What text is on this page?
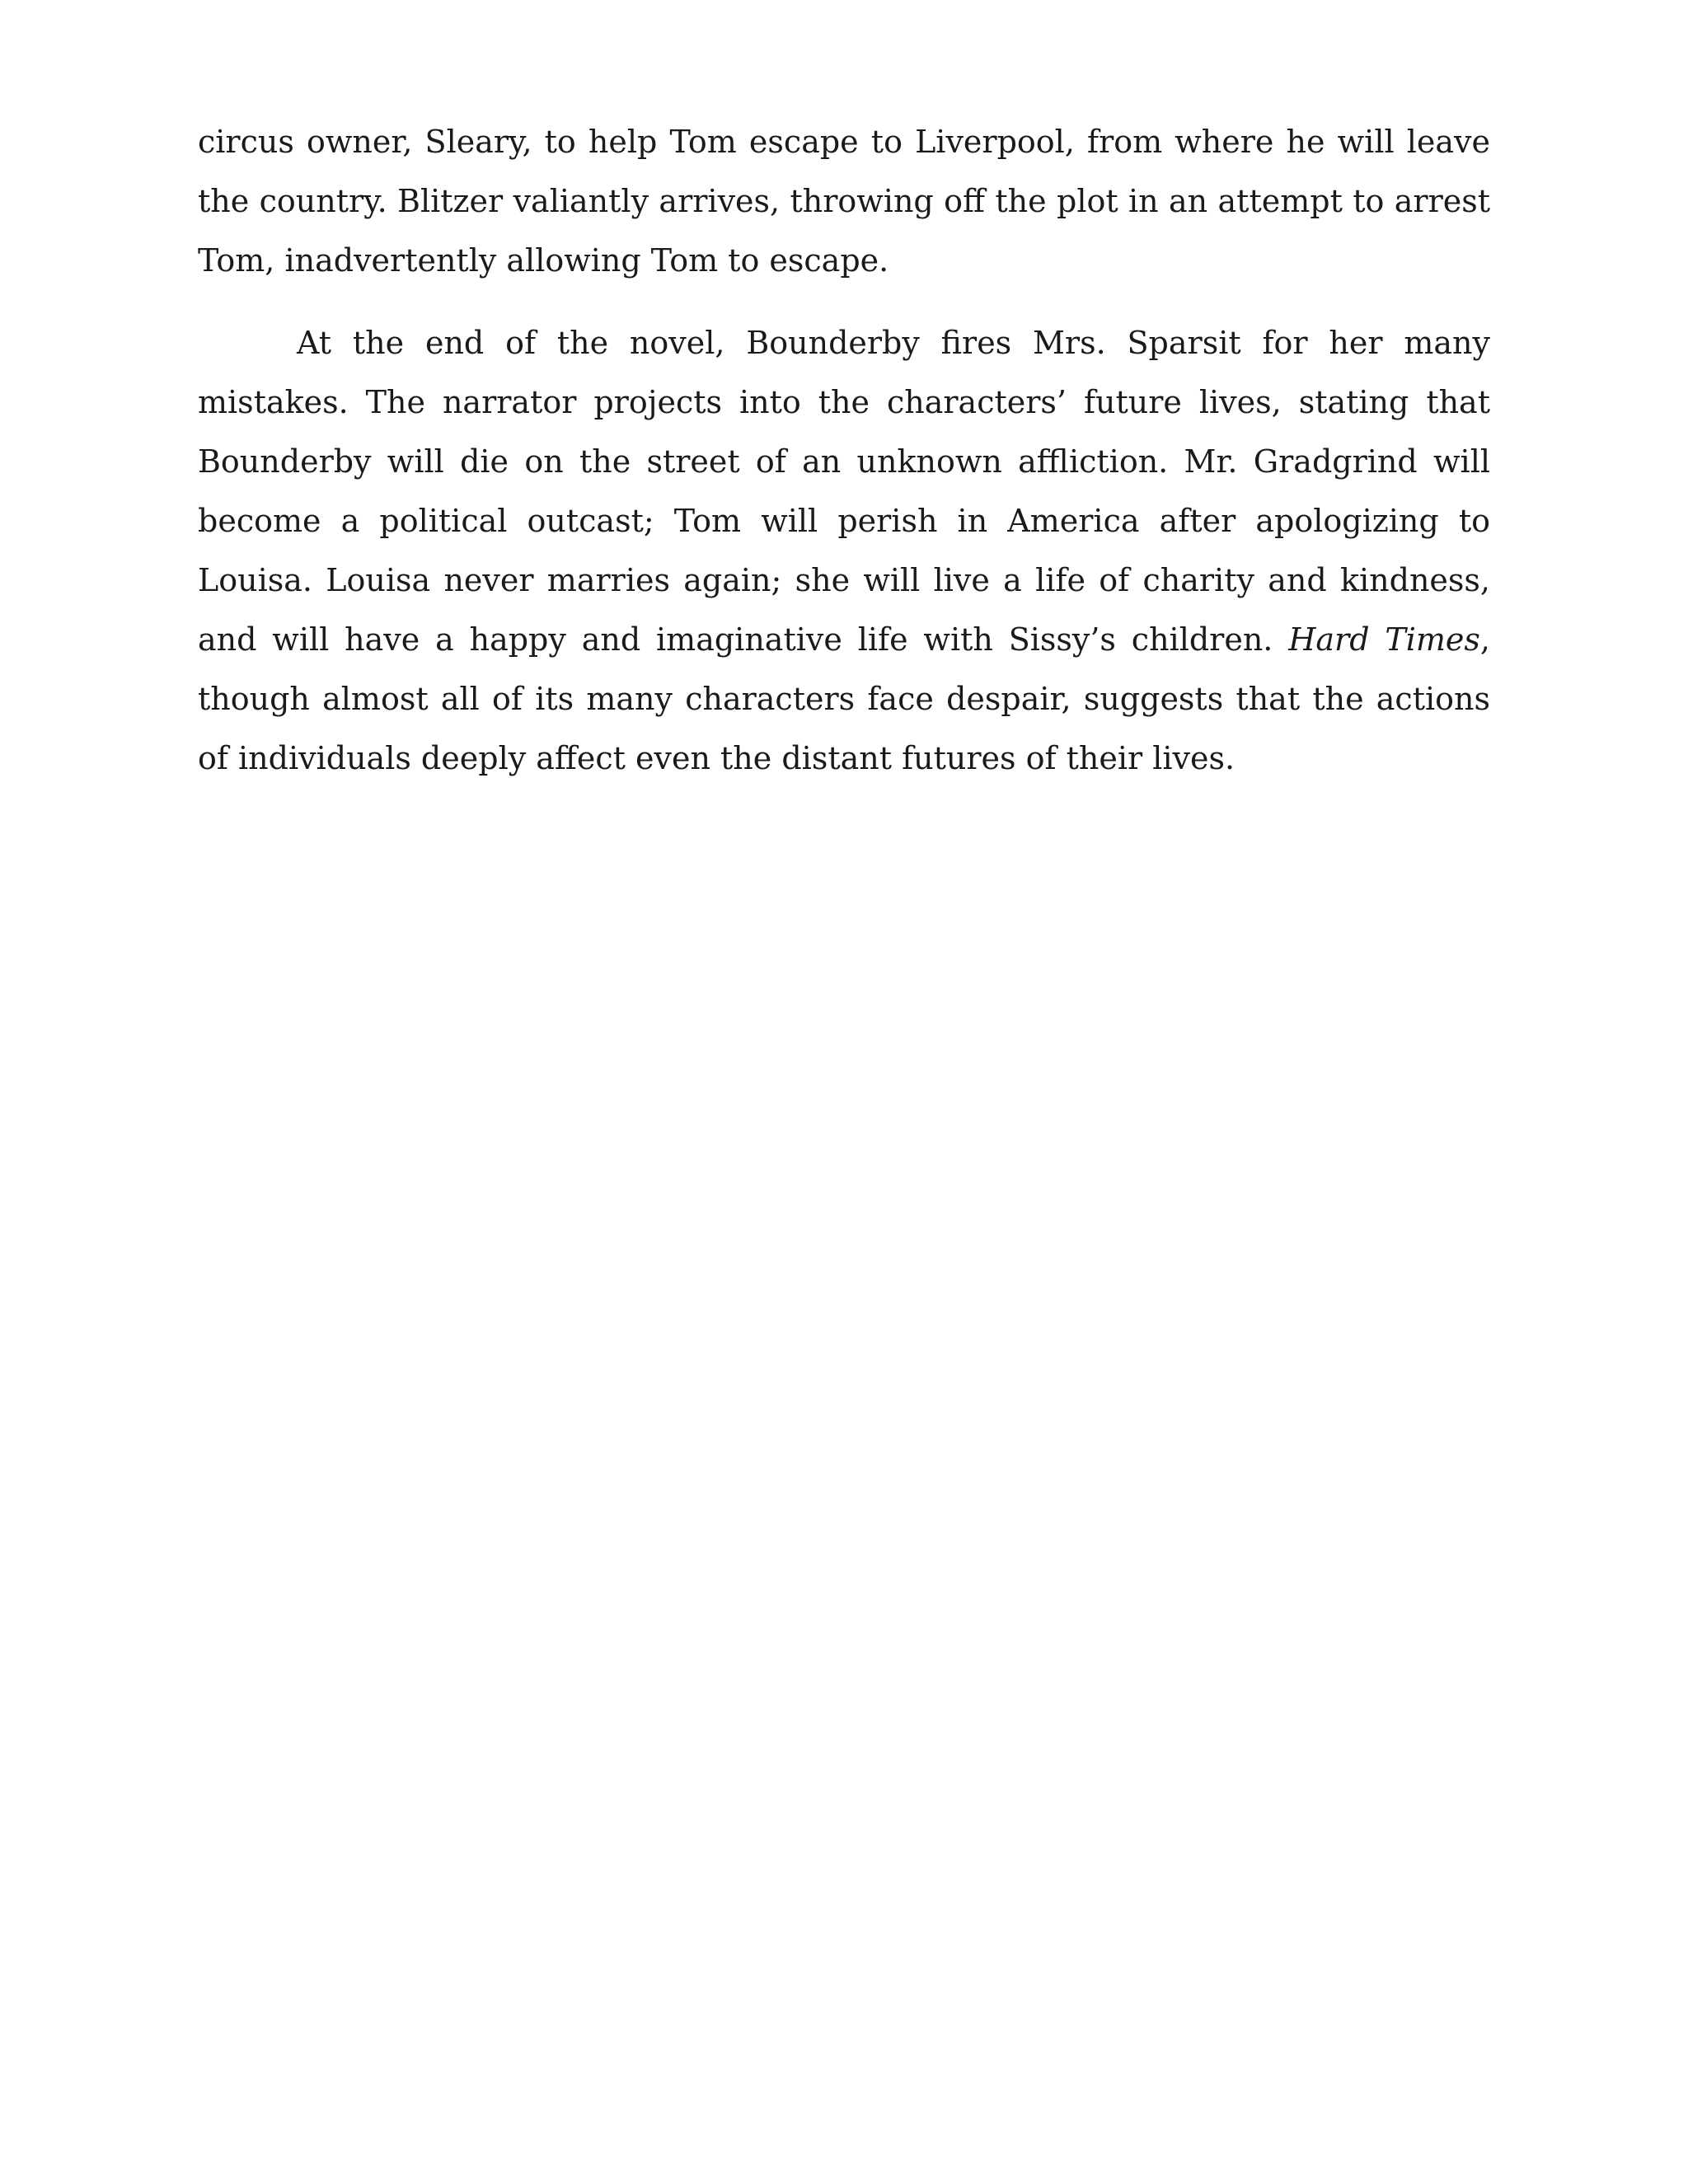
circus owner, Sleary, to help Tom escape to Liverpool, from where he will leave the country. Blitzer valiantly arrives, throwing off the plot in an attempt to arrest Tom, inadvertently allowing Tom to escape.

At the end of the novel, Bounderby fires Mrs. Sparsit for her many mistakes. The narrator projects into the characters’ future lives, stating that Bounderby will die on the street of an unknown affliction. Mr. Gradgrind will become a political outcast; Tom will perish in America after apologizing to Louisa. Louisa never marries again; she will live a life of charity and kindness, and will have a happy and imaginative life with Sissy’s children. Hard Times, though almost all of its many characters face despair, suggests that the actions of individuals deeply affect even the distant futures of their lives.
